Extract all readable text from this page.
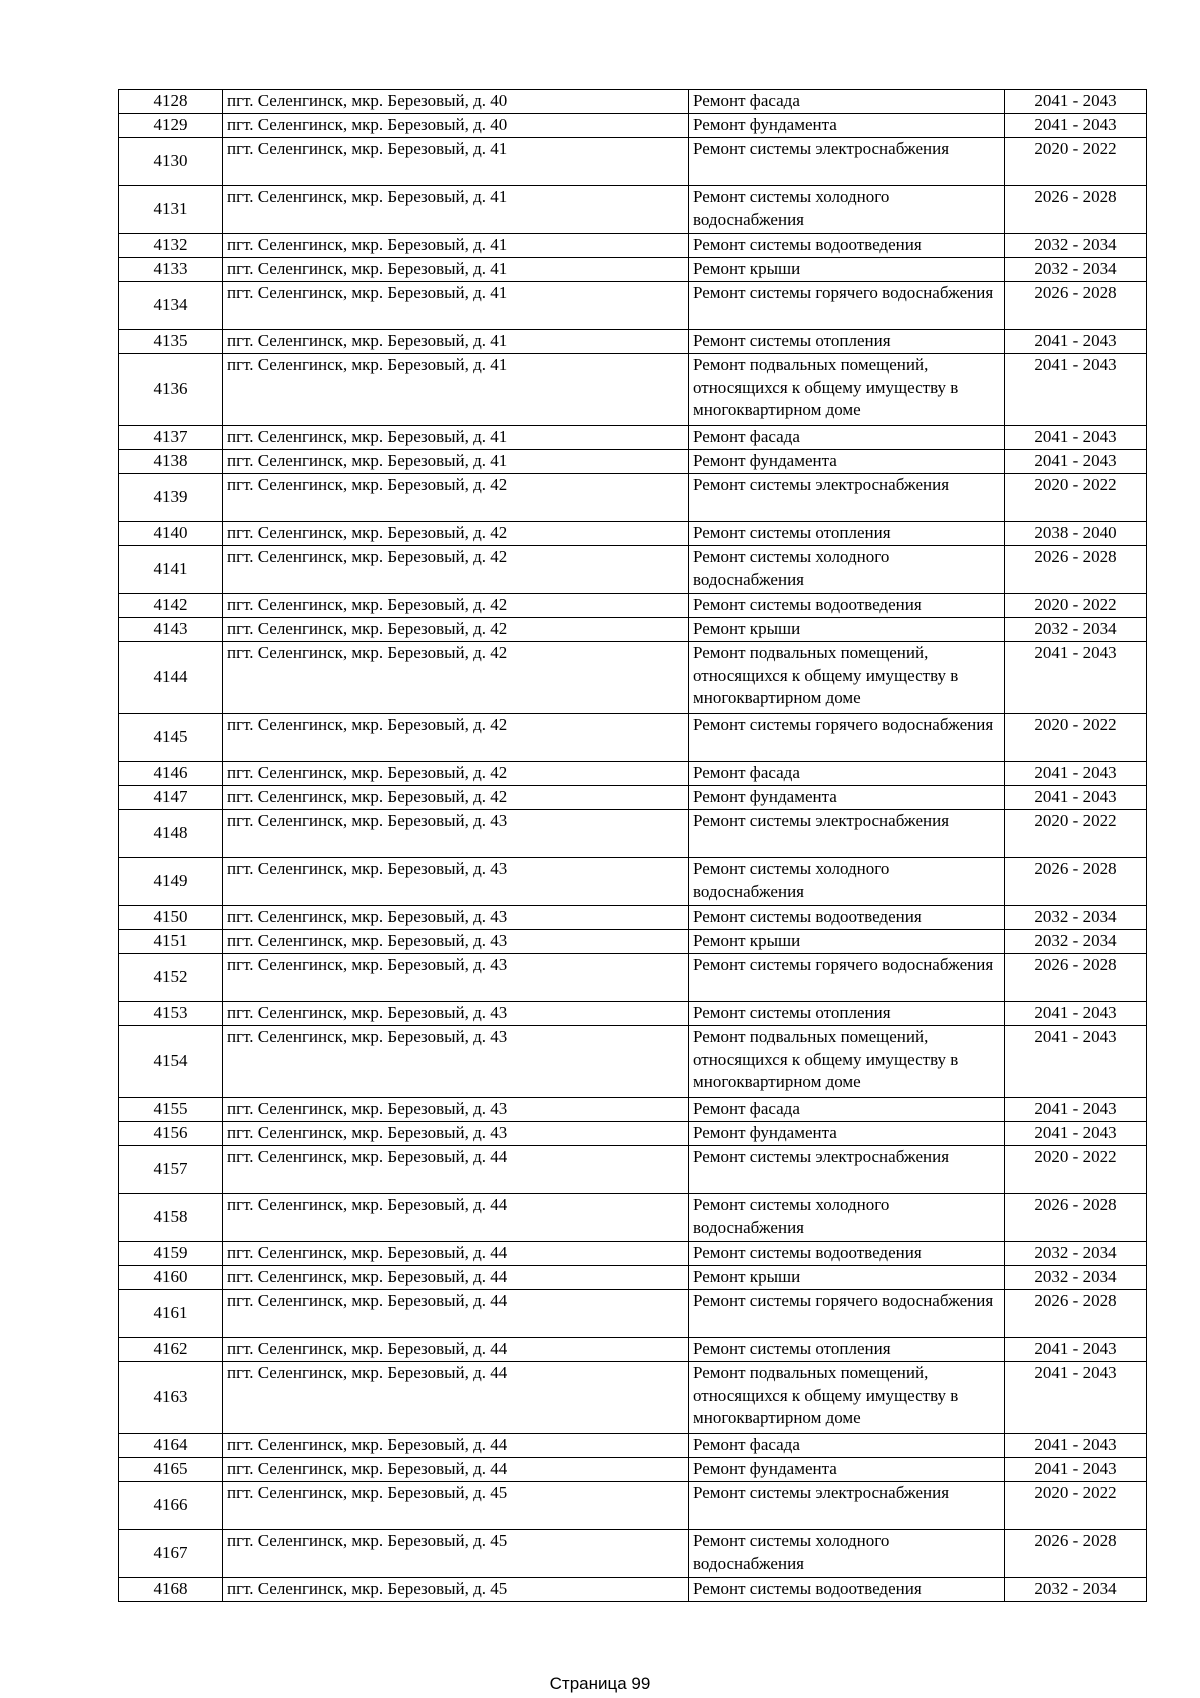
4128	пгт. Селенгинск, мкр. Березовый, д. 40	Ремонт фасада	2041 - 2043
4129	пгт. Селенгинск, мкр. Березовый, д. 40	Ремонт фундамента	2041 - 2043
4130	пгт. Селенгинск, мкр. Березовый, д. 41	Ремонт системы электроснабжения	2020 - 2022
4131	пгт. Селенгинск, мкр. Березовый, д. 41	Ремонт системы холодного водоснабжения	2026 - 2028
4132	пгт. Селенгинск, мкр. Березовый, д. 41	Ремонт системы водоотведения	2032 - 2034
4133	пгт. Селенгинск, мкр. Березовый, д. 41	Ремонт крыши	2032 - 2034
4134	пгт. Селенгинск, мкр. Березовый, д. 41	Ремонт системы горячего водоснабжения	2026 - 2028
4135	пгт. Селенгинск, мкр. Березовый, д. 41	Ремонт системы отопления	2041 - 2043
4136	пгт. Селенгинск, мкр. Березовый, д. 41	Ремонт подвальных помещений, относящихся к общему имуществу в многоквартирном доме	2041 - 2043
4137	пгт. Селенгинск, мкр. Березовый, д. 41	Ремонт фасада	2041 - 2043
4138	пгт. Селенгинск, мкр. Березовый, д. 41	Ремонт фундамента	2041 - 2043
4139	пгт. Селенгинск, мкр. Березовый, д. 42	Ремонт системы электроснабжения	2020 - 2022
4140	пгт. Селенгинск, мкр. Березовый, д. 42	Ремонт системы отопления	2038 - 2040
4141	пгт. Селенгинск, мкр. Березовый, д. 42	Ремонт системы холодного водоснабжения	2026 - 2028
4142	пгт. Селенгинск, мкр. Березовый, д. 42	Ремонт системы водоотведения	2020 - 2022
4143	пгт. Селенгинск, мкр. Березовый, д. 42	Ремонт крыши	2032 - 2034
4144	пгт. Селенгинск, мкр. Березовый, д. 42	Ремонт подвальных помещений, относящихся к общему имуществу в многоквартирном доме	2041 - 2043
4145	пгт. Селенгинск, мкр. Березовый, д. 42	Ремонт системы горячего водоснабжения	2020 - 2022
4146	пгт. Селенгинск, мкр. Березовый, д. 42	Ремонт фасада	2041 - 2043
4147	пгт. Селенгинск, мкр. Березовый, д. 42	Ремонт фундамента	2041 - 2043
4148	пгт. Селенгинск, мкр. Березовый, д. 43	Ремонт системы электроснабжения	2020 - 2022
4149	пгт. Селенгинск, мкр. Березовый, д. 43	Ремонт системы холодного водоснабжения	2026 - 2028
4150	пгт. Селенгинск, мкр. Березовый, д. 43	Ремонт системы водоотведения	2032 - 2034
4151	пгт. Селенгинск, мкр. Березовый, д. 43	Ремонт крыши	2032 - 2034
4152	пгт. Селенгинск, мкр. Березовый, д. 43	Ремонт системы горячего водоснабжения	2026 - 2028
4153	пгт. Селенгинск, мкр. Березовый, д. 43	Ремонт системы отопления	2041 - 2043
4154	пгт. Селенгинск, мкр. Березовый, д. 43	Ремонт подвальных помещений, относящихся к общему имуществу в многоквартирном доме	2041 - 2043
4155	пгт. Селенгинск, мкр. Березовый, д. 43	Ремонт фасада	2041 - 2043
4156	пгт. Селенгинск, мкр. Березовый, д. 43	Ремонт фундамента	2041 - 2043
4157	пгт. Селенгинск, мкр. Березовый, д. 44	Ремонт системы электроснабжения	2020 - 2022
4158	пгт. Селенгинск, мкр. Березовый, д. 44	Ремонт системы холодного водоснабжения	2026 - 2028
4159	пгт. Селенгинск, мкр. Березовый, д. 44	Ремонт системы водоотведения	2032 - 2034
4160	пгт. Селенгинск, мкр. Березовый, д. 44	Ремонт крыши	2032 - 2034
4161	пгт. Селенгинск, мкр. Березовый, д. 44	Ремонт системы горячего водоснабжения	2026 - 2028
4162	пгт. Селенгинск, мкр. Березовый, д. 44	Ремонт системы отопления	2041 - 2043
4163	пгт. Селенгинск, мкр. Березовый, д. 44	Ремонт подвальных помещений, относящихся к общему имуществу в многоквартирном доме	2041 - 2043
4164	пгт. Селенгинск, мкр. Березовый, д. 44	Ремонт фасада	2041 - 2043
4165	пгт. Селенгинск, мкр. Березовый, д. 44	Ремонт фундамента	2041 - 2043
4166	пгт. Селенгинск, мкр. Березовый, д. 45	Ремонт системы электроснабжения	2020 - 2022
4167	пгт. Селенгинск, мкр. Березовый, д. 45	Ремонт системы холодного водоснабжения	2026 - 2028
4168	пгт. Селенгинск, мкр. Березовый, д. 45	Ремонт системы водоотведения	2032 - 2034
Страница 99
